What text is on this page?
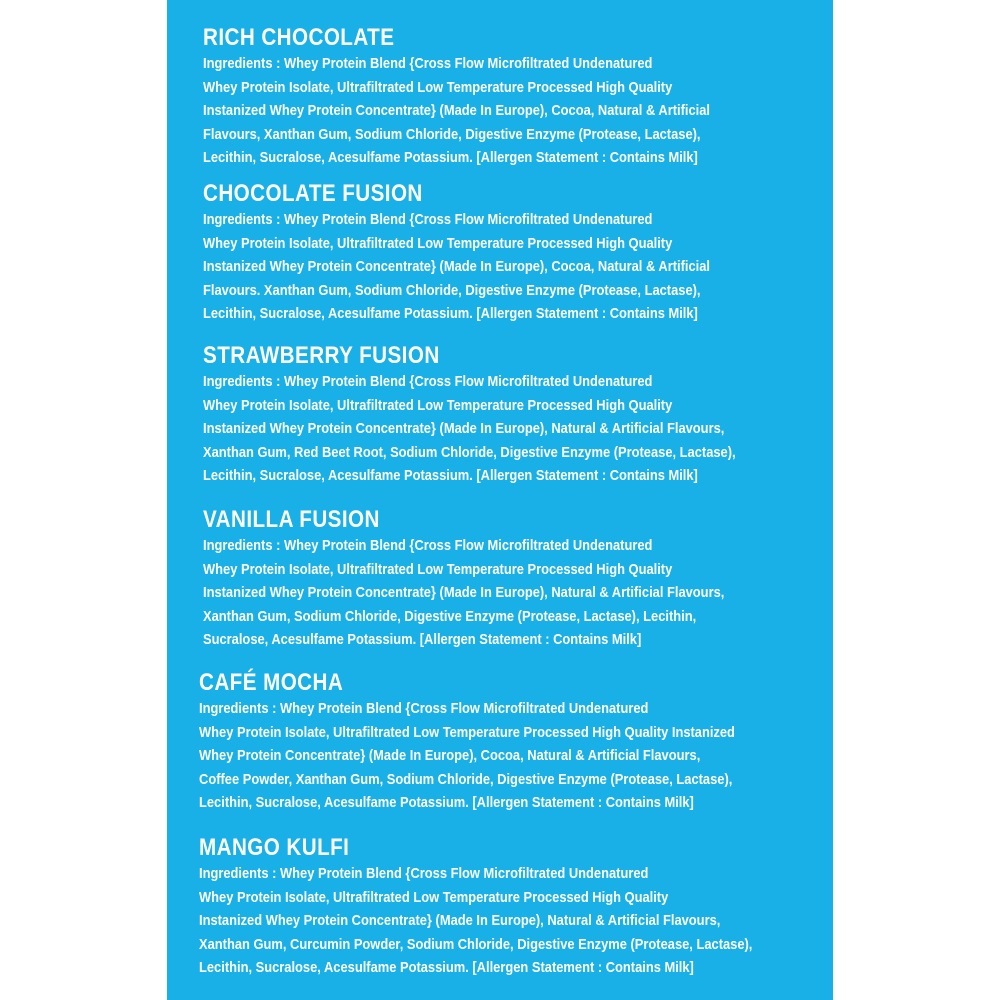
RICH CHOCOLATE
Ingredients : Whey Protein Blend {Cross Flow Microfiltrated Undenatured
Whey Protein Isolate, Ultrafiltrated Low Temperature Processed High Quality
Instanized Whey Protein Concentrate} (Made In Europe), Cocoa, Natural & Artificial
Flavours, Xanthan Gum, Sodium Chloride, Digestive Enzyme (Protease, Lactase),
Lecithin, Sucralose, Acesulfame Potassium. [Allergen Statement : Contains Milk]
CHOCOLATE FUSION
Ingredients : Whey Protein Blend {Cross Flow Microfiltrated Undenatured
Whey Protein Isolate, Ultrafiltrated Low Temperature Processed High Quality
Instanized Whey Protein Concentrate} (Made In Europe), Cocoa, Natural & Artificial
Flavours. Xanthan Gum, Sodium Chloride, Digestive Enzyme (Protease, Lactase),
Lecithin, Sucralose, Acesulfame Potassium. [Allergen Statement : Contains Milk]
STRAWBERRY FUSION
Ingredients : Whey Protein Blend {Cross Flow Microfiltrated Undenatured
Whey Protein Isolate, Ultrafiltrated Low Temperature Processed High Quality
Instanized Whey Protein Concentrate} (Made In Europe), Natural & Artificial Flavours,
Xanthan Gum, Red Beet Root, Sodium Chloride, Digestive Enzyme (Protease, Lactase),
Lecithin, Sucralose, Acesulfame Potassium. [Allergen Statement : Contains Milk]
VANILLA FUSION
Ingredients : Whey Protein Blend {Cross Flow Microfiltrated Undenatured
Whey Protein Isolate, Ultrafiltrated Low Temperature Processed High Quality
Instanized Whey Protein Concentrate} (Made In Europe), Natural & Artificial Flavours,
Xanthan Gum, Sodium Chloride, Digestive Enzyme (Protease, Lactase), Lecithin,
Sucralose, Acesulfame Potassium. [Allergen Statement : Contains Milk]
CAFÉ MOCHA
Ingredients : Whey Protein Blend {Cross Flow Microfiltrated Undenatured
Whey Protein Isolate, Ultrafiltrated Low Temperature Processed High Quality Instanized
Whey Protein Concentrate} (Made In Europe), Cocoa, Natural & Artificial Flavours,
Coffee Powder, Xanthan Gum, Sodium Chloride, Digestive Enzyme (Protease, Lactase),
Lecithin, Sucralose, Acesulfame Potassium. [Allergen Statement : Contains Milk]
MANGO KULFI
Ingredients : Whey Protein Blend {Cross Flow Microfiltrated Undenatured
Whey Protein Isolate, Ultrafiltrated Low Temperature Processed High Quality
Instanized Whey Protein Concentrate} (Made In Europe), Natural & Artificial Flavours,
Xanthan Gum, Curcumin Powder, Sodium Chloride, Digestive Enzyme (Protease, Lactase),
Lecithin, Sucralose, Acesulfame Potassium. [Allergen Statement : Contains Milk]
